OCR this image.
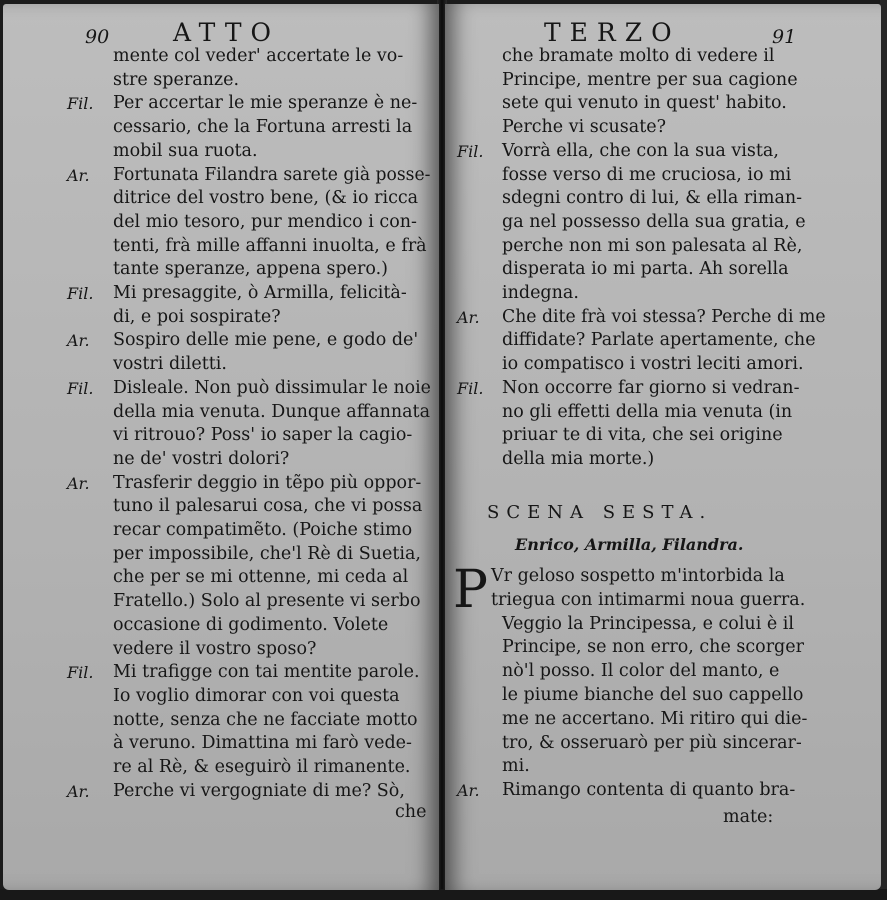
90	ATTO
mente col veder' accertate le vo-
stre speranze.
Fil. Per accertar le mie speranze è ne-
cessario, che la Fortuna arresti la
mobil sua ruota.
Ar. Fortunata Filandra sarete già posse-
ditrice del vostro bene, (& io ricca
del mio tesoro, pur mendico i con-
tenti, frà mille affanni inuolta, e frà
tante speranze, appena spero.)
Fil. Mi presaggite, ò Armilla, felicità-
di, e poi sospirate?
Ar. Sospiro delle mie pene, e godo de'
vostri diletti.
Fil. Disleale. Non può dissimular le noie
della mia venuta. Dunque affannata
vi ritrouo? Poss' io saper la cagio-
ne de' vostri dolori?
Ar. Trasferir deggio in tẽpo più oppor-
tuno il palesarui cosa, che vi possa
recar compatimẽto. (Poiche stimo
per impossibile, che'l Rè di Suetia,
che per se mi ottenne, mi ceda al
Fratello.) Solo al presente vi serbo
occasione di godimento. Volete
vedere il vostro sposo?
Fil. Mi trafigge con tai mentite parole.
Io voglio dimorar con voi questa
notte, senza che ne facciate motto
à veruno. Dimattina mi farò vede-
re al Rè, & eseguirò il rimanente.
Ar. Perche vi vergogniate di me? Sò,
che
91
TERZO
che bramate molto di vedere il
Principe, mentre per sua cagione
sete qui venuto in quest' habito.
Perche vi scusate?
Fil. Vorrà ella, che con la sua vista,
fosse verso di me cruciosa, io mi
sdegni contro di lui, & ella riman-
ga nel possesso della sua gratia, e
perche non mi son palesata al Rè,
disperata io mi parta. Ah sorella
indegna.
Ar. Che dite frà voi stessa? Perche di me
diffidate? Parlate apertamente, che
io compatisco i vostri leciti amori.
Fil. Non occorre far giorno si vedran-
no gli effetti della mia venuta (in
priuar te di vita, che sei origine
della mia morte.)
SCENA SESTA.
Enrico, Armilla, Filandra.
P Vr geloso sospetto m'intorbida la
triegua con intimarmi noua guerra.
Veggio la Principessa, e colui è il
Principe, se non erro, che scorger
nò'l posso. Il color del manto, e
le piume bianche del suo cappello
me ne accertano. Mi ritiro qui die-
tro, & osseruarò per più sincerar-
mi.
Ar. Rimango contenta di quanto bra-
mate:
